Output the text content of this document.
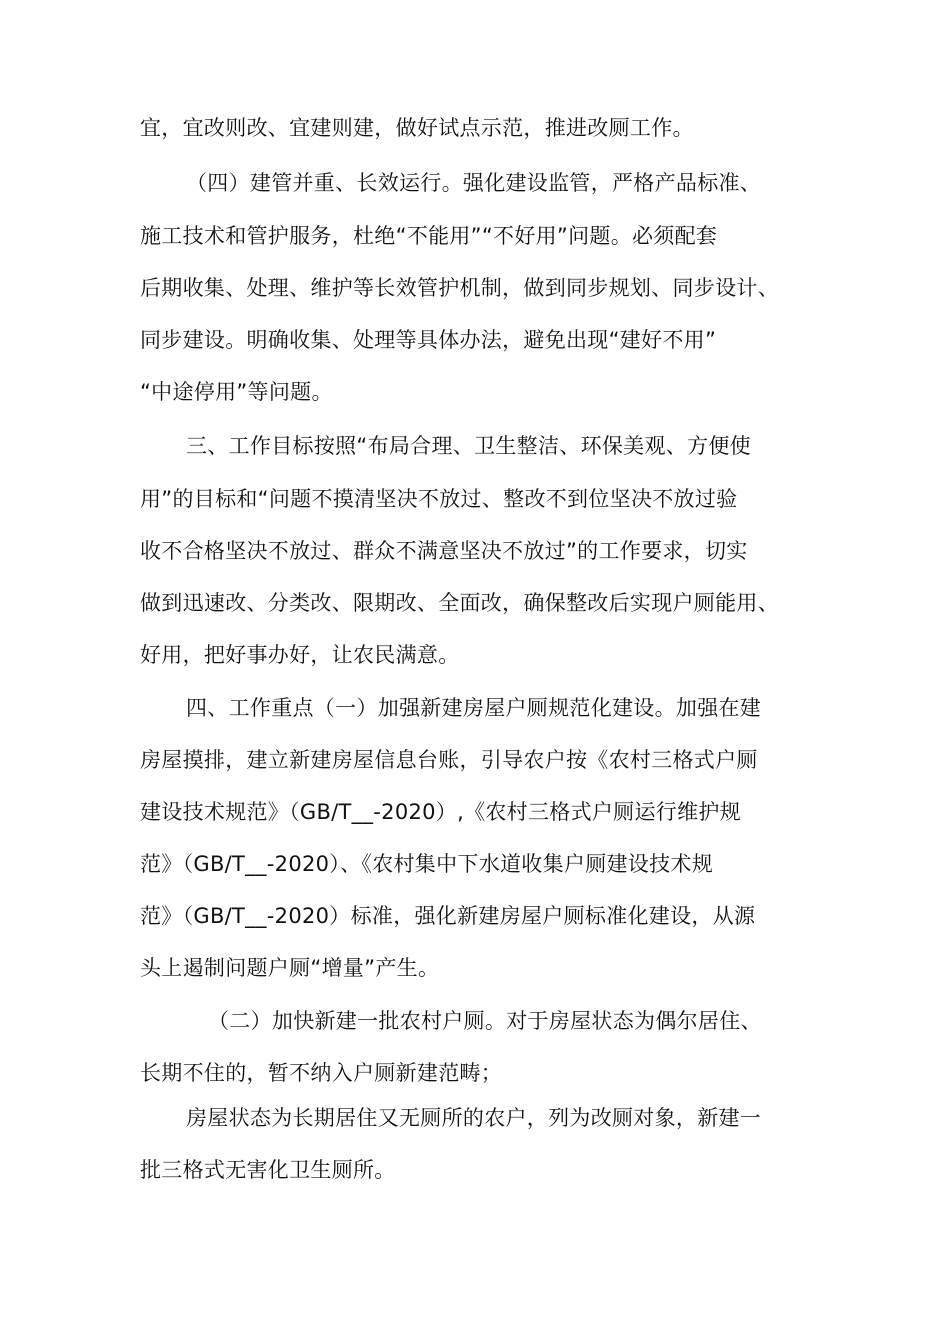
宜，宜改则改、宜建则建，做好试点示范，推进改厕工作。
（四）建管并重、长效运行。强化建设监管，严格产品标准、
施工技术和管护服务，杜绝“不能用”“不好用”问题。必须配套
后期收集、处理、维护等长效管护机制，做到同步规划、同步设计、
同步建设。明确收集、处理等具体办法，避免出现“建好不用”
“中途停用”等问题。
三、工作目标按照“布局合理、卫生整洁、环保美观、方便使
用”的目标和“问题不摸清坚决不放过、整改不到位坚决不放过验
收不合格坚决不放过、群众不满意坚决不放过”的工作要求，切实
做到迅速改、分类改、限期改、全面改，确保整改后实现户厕能用、
好用，把好事办好，让农民满意。
四、工作重点（一）加强新建房屋户厕规范化建设。加强在建
房屋摸排，建立新建房屋信息台账，引导农户按《农村三格式户厕
建设技术规范》（GB/T__-2020）,《农村三格式户厕运行维护规
范》（GB/T__-2020）、《农村集中下水道收集户厕建设技术规
范》（GB/T__-2020）标准，强化新建房屋户厕标准化建设，从源
头上遏制问题户厕“增量”产生。
（二）加快新建一批农村户厕。对于房屋状态为偶尔居住、
长期不住的，暂不纳入户厕新建范畴；
房屋状态为长期居住又无厕所的农户，列为改厕对象，新建一
批三格式无害化卫生厕所。
